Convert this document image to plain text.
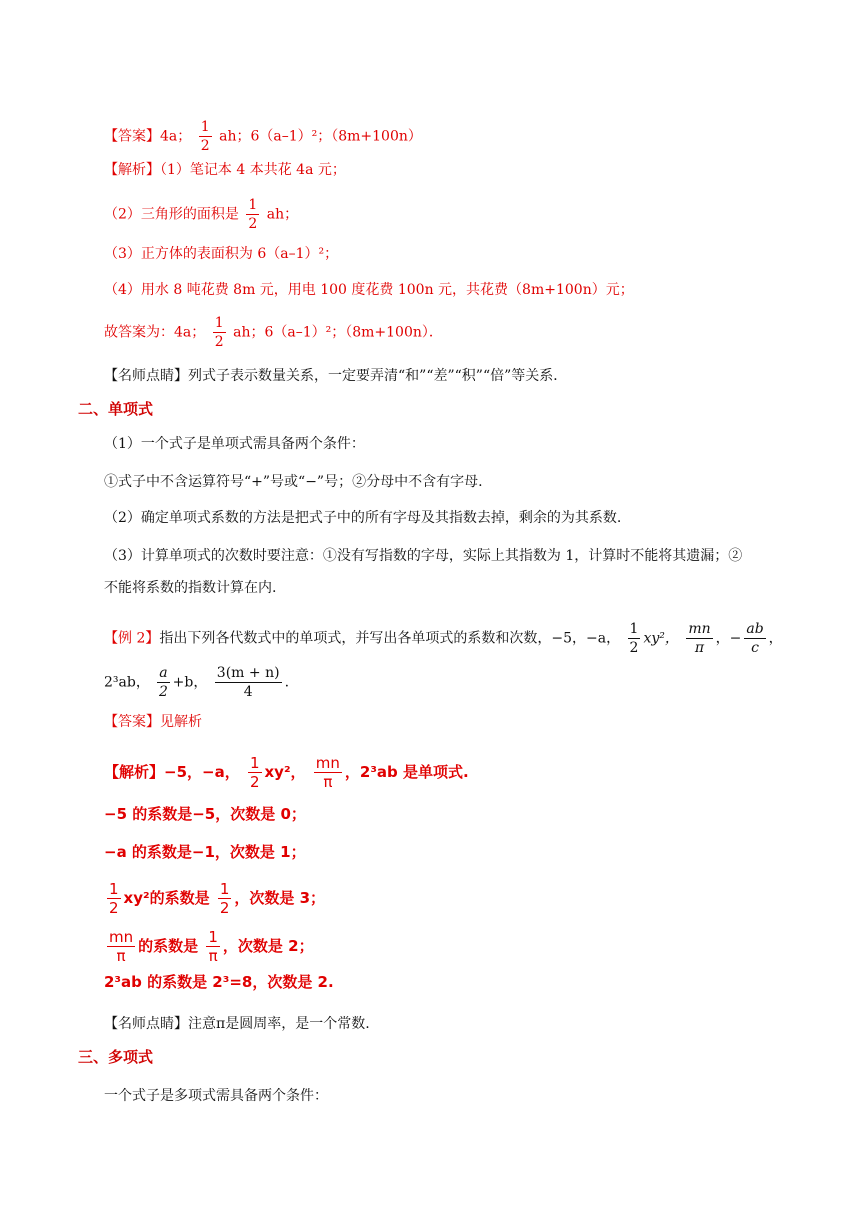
【答案】4a； $\frac{1}{2}$ ah；6（a–1）²；（8m+100n）
【解析】（1）笔记本 4 本共花 4a 元；
（2）三角形的面积是 $\frac{1}{2}$ ah；
（3）正方体的表面积为 6（a–1）²；
（4）用水 8 吨花费 8m 元，用电 100 度花费 100n 元，共花费（8m+100n）元；
故答案为：4a； $\frac{1}{2}$ ah；6（a–1）²；（8m+100n）．
【名师点睛】列式子表示数量关系，一定要弄清“和”“差”“积”“倍”等关系．
二、单项式
（1）一个式子是单项式需具备两个条件：
①式子中不含运算符号“+”号或“−”号；②分母中不含有字母.
（2）确定单项式系数的方法是把式子中的所有字母及其指数去掉，剩余的为其系数.
（3）计算单项式的次数时要注意：①没有写指数的字母，实际上其指数为 1，计算时不能将其遗漏；②
不能将系数的指数计算在内.
【例 2】指出下列各代数式中的单项式，并写出各单项式的系数和次数，−5，−a， $\frac{1}{2} xy^2$， $\frac{mn}{\pi}$ ，− $\frac{ab}{c}$ ，
2³ab， $\frac{a}{2} +b$， $\frac{3(m + n)}{4}$ .
【答案】见解析
【解析】−5，−a， $\frac{1}{2} xy^2$， $\frac{mn}{\pi}$ ，2³ab 是单项式.
−5 的系数是−5，次数是 0；
−a 的系数是−1，次数是 1；
$\frac{1}{2} xy^2$的系数是 $\frac{1}{2}$ ，次数是 3；
$\frac{mn}{\pi}$ 的系数是 $\frac{1}{\pi}$ ，次数是 2；
2³ab 的系数是 2³=8，次数是 2.
【名师点睛】注意π是圆周率，是一个常数.
三、多项式
一个式子是多项式需具备两个条件：
